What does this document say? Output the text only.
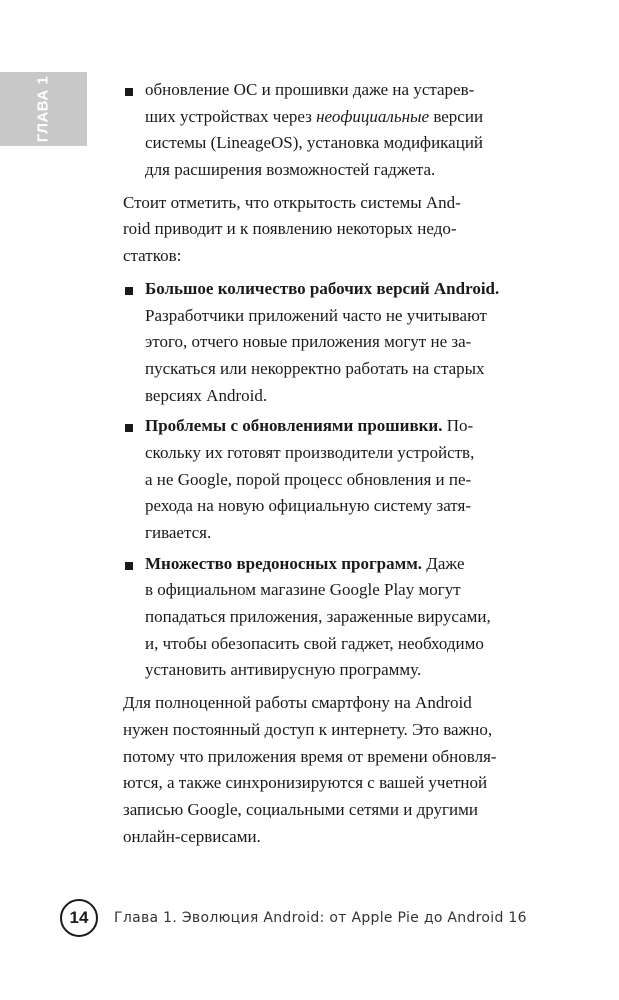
ГЛАВА 1	обновление ОС и прошивки даже на устарев-
ших устройствах через неофициальные версии
системы (LineageOS), установка модификаций
для расширения возможностей гаджета.
Стоит отметить, что открытость системы And-
roid приводит и к появлению некоторых недо-
статков:
Большое количество рабочих версий Android.
Разработчики приложений часто не учитывают
этого, отчего новые приложения могут не за-
пускаться или некорректно работать на старых
версиях Android.
Проблемы с обновлениями прошивки. По-
скольку их готовят производители устройств,
а не Google, порой процесс обновления и пе-
рехода на новую официальную систему затя-
гивается.
Множество вредоносных программ. Даже
в официальном магазине Google Play могут
попадаться приложения, зараженные вирусами,
и, чтобы обезопасить свой гаджет, необходимо
установить антивирусную программу.
Для полноценной работы смартфону на Android
нужен постоянный доступ к интернету. Это важно,
потому что приложения время от времени обновля-
ются, а также синхронизируются с вашей учетной
записью Google, социальными сетями и другими
онлайн-сервисами.
14	Глава 1. Эволюция Android: от Apple Pie до Android 16
